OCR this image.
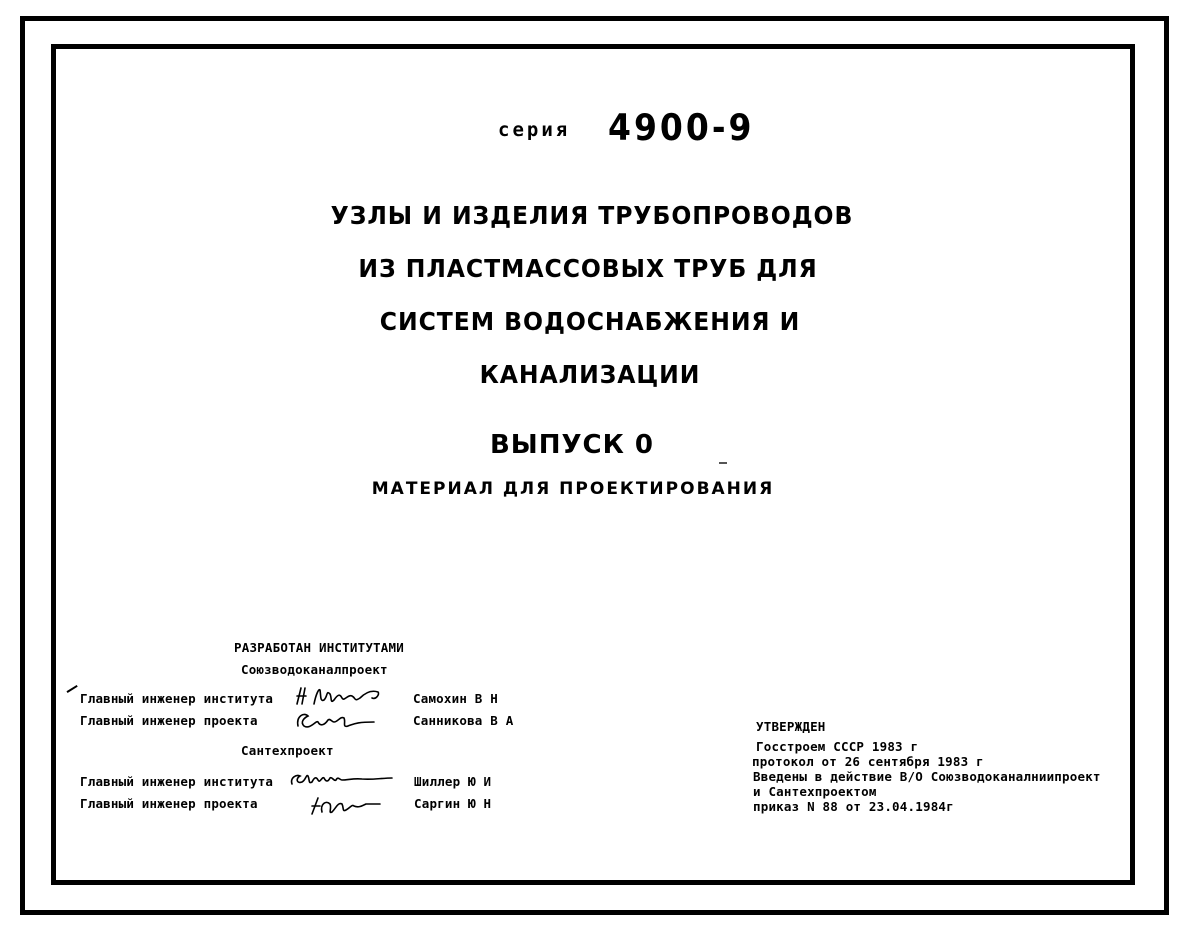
серия 4900-9
УЗЛЫ И ИЗДЕЛИЯ ТРУБОПРОВОДОВ
ИЗ ПЛАСТМАССОВЫХ ТРУБ ДЛЯ
СИСТЕМ ВОДОСНАБЖЕНИЯ И
КАНАЛИЗАЦИИ
ВЫПУСК 0
МАТЕРИАЛ ДЛЯ ПРОЕКТИРОВАНИЯ
РАЗРАБОТАН ИНСТИТУТАМИ
Союзводоканалпроект
Главный инженер института	Самохин В Н
Главный инженер проекта	Санникова В А
Сантехпроект
Главный инженер института	Шиллер Ю И
Главный инженер проекта	Саргин Ю Н
УТВЕРЖДЕН
Госстроем СССР 1983 г
протокол от 26 сентября 1983 г
Введены в действие В/О Союзводоканалниипроект
и Сантехпроектом
приказ N 88 от 23.04.1984г
